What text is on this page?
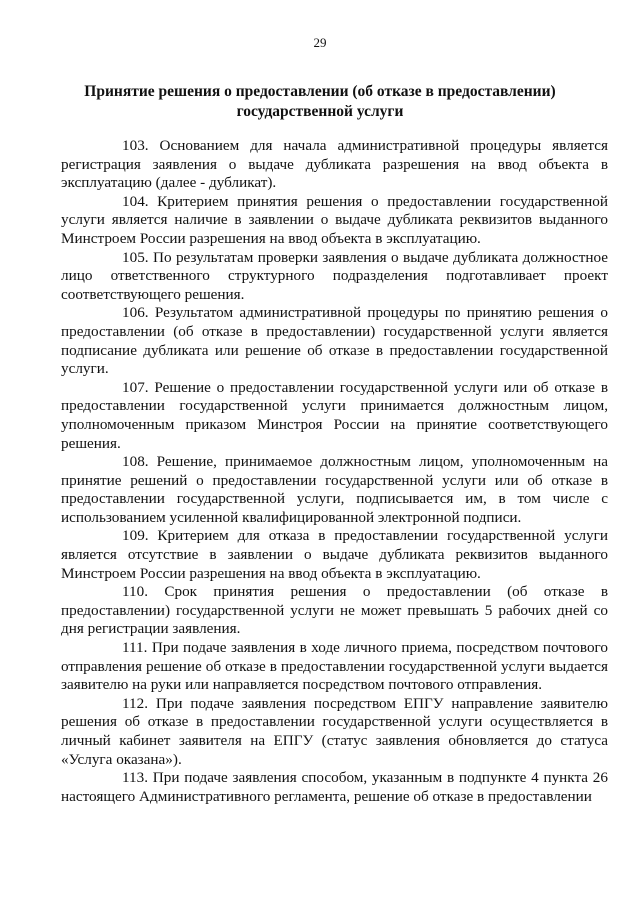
29
Принятие решения о предоставлении (об отказе в предоставлении)
государственной услуги

103. Основанием для начала административной процедуры является регистрация заявления о выдаче дубликата разрешения на ввод объекта в эксплуатацию (далее - дубликат).

104. Критерием принятия решения о предоставлении государственной услуги является наличие в заявлении о выдаче дубликата реквизитов выданного Минстроем России разрешения на ввод объекта в эксплуатацию.

105. По результатам проверки заявления о выдаче дубликата должностное лицо ответственного структурного подразделения подготавливает проект соответствующего решения.

106. Результатом административной процедуры по принятию решения о предоставлении (об отказе в предоставлении) государственной услуги является подписание дубликата или решение об отказе в предоставлении государственной услуги.

107. Решение о предоставлении государственной услуги или об отказе в предоставлении государственной услуги принимается должностным лицом, уполномоченным приказом Минстроя России на принятие соответствующего решения.

108. Решение, принимаемое должностным лицом, уполномоченным на принятие решений о предоставлении государственной услуги или об отказе в предоставлении государственной услуги, подписывается им, в том числе с использованием усиленной квалифицированной электронной подписи.

109. Критерием для отказа в предоставлении государственной услуги является отсутствие в заявлении о выдаче дубликата реквизитов выданного Минстроем России разрешения на ввод объекта в эксплуатацию.

110. Срок принятия решения о предоставлении (об отказе в предоставлении) государственной услуги не может превышать 5 рабочих дней со дня регистрации заявления.

111. При подаче заявления в ходе личного приема, посредством почтового отправления решение об отказе в предоставлении государственной услуги выдается заявителю на руки или направляется посредством почтового отправления.

112. При подаче заявления посредством ЕПГУ направление заявителю решения об отказе в предоставлении государственной услуги осуществляется в личный кабинет заявителя на ЕПГУ (статус заявления обновляется до статуса «Услуга оказана»).

113. При подаче заявления способом, указанным в подпункте 4 пункта 26 настоящего Административного регламента, решение об отказе в предоставлении
